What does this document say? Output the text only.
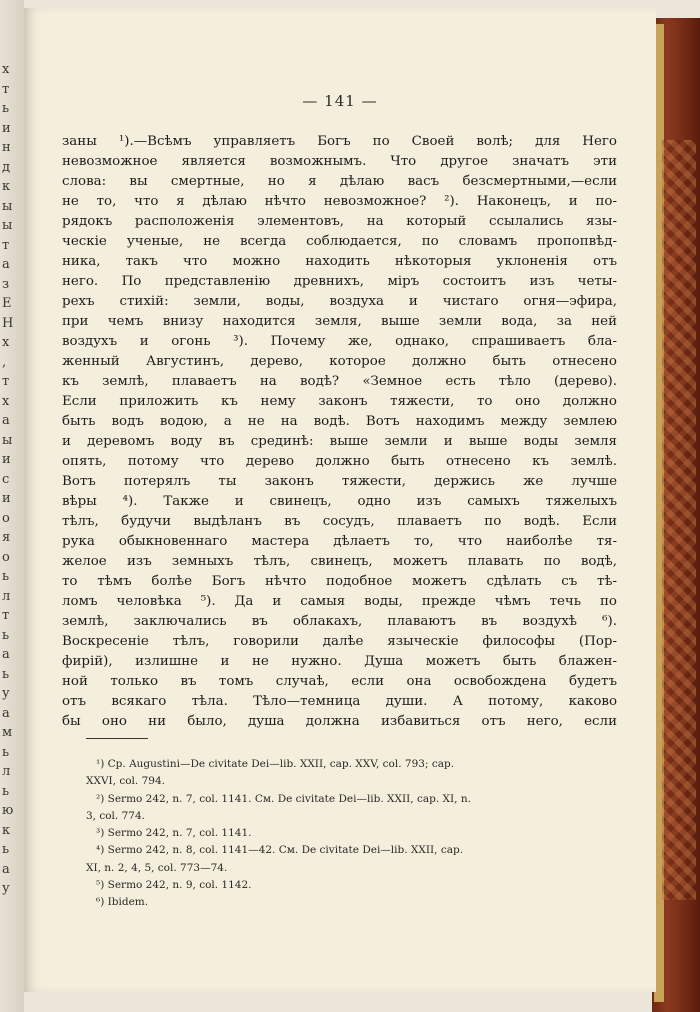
х
т
ь
и
н
д
к
ы
ы
т
а
з
Е
Н
х
,
т
х
а
ы
и
с
и
о
я
о
ь
л
т
ь
а
ь
у
а
м
ь
л
ь
ю
к
ь
а
у
— 141 —
заны ¹).—Всѣмъ управляетъ Богъ по Своей волѣ; для Него
невозможное является возможнымъ. Что другое значатъ эти
слова: вы смертные, но я дѣлаю васъ безсмертными,—если
не то, что я дѣлаю нѣчто невозможное? ²). Наконецъ, и по-
рядокъ расположенія элементовъ, на который ссылались язы-
ческіе ученые, не всегда соблюдается, по словамъ пропопвѣд-
ника, такъ что можно находить нѣкоторыя уклоненія отъ
него. По представленію древнихъ, міръ состоитъ изъ четы-
рехъ стихій: земли, воды, воздуха и чистаго огня—эфира,
при чемъ внизу находится земля, выше земли вода, за ней
воздухъ и огонь ³). Почему же, однако, спрашиваетъ бла-
женный Августинъ, дерево, которое должно быть отнесено
къ землѣ, плаваетъ на водѣ? «Земное есть тѣло (дерево).
Если приложить къ нему законъ тяжести, то оно должно
быть водъ водою, а не на водѣ. Вотъ находимъ между землею
и деревомъ воду въ срединѣ: выше земли и выше воды земля
опять, потому что дерево должно быть отнесено къ землѣ.
Вотъ потерялъ ты законъ тяжести, держись же лучше
вѣры ⁴). Также и свинецъ, одно изъ самыхъ тяжелыхъ
тѣлъ, будучи выдѣланъ въ сосудъ, плаваетъ по водѣ. Если
рука обыкновеннаго мастера дѣлаетъ то, что наиболѣе тя-
желое изъ земныхъ тѣлъ, свинецъ, можетъ плавать по водѣ,
то тѣмъ болѣе Богъ нѣчто подобное можетъ сдѣлать съ тѣ-
ломъ человѣка ⁵). Да и самыя воды, прежде чѣмъ течь по
землѣ, заключались въ облакахъ, плаваютъ въ воздухѣ ⁶).
Воскресеніе тѣлъ, говорили далѣе языческіе философы (Пор-
фирій), излишне и не нужно. Душа можетъ быть блажен-
ной только въ томъ случаѣ, если она освобождена будетъ
отъ всякаго тѣла. Тѣло—темница души. А потому, каково
бы оно ни было, душа должна избавиться отъ него, если
¹) Ср. Augustini—De civitate Dei—lib. XXII, cap. XXV, col. 793; cap.
XXVI, col. 794.
²) Sermo 242, n. 7, col. 1141. См. De civitate Dei—lib. XXII, cap. XI, n.
3, col. 774.
³) Sermo 242, n. 7, col. 1141.
⁴) Sermo 242, n. 8, col. 1141—42. См. De civitate Dei—lib. XXII, cap.
XI, n. 2, 4, 5, col. 773—74.
⁵) Sermo 242, n. 9, col. 1142.
⁶) Ibidem.
